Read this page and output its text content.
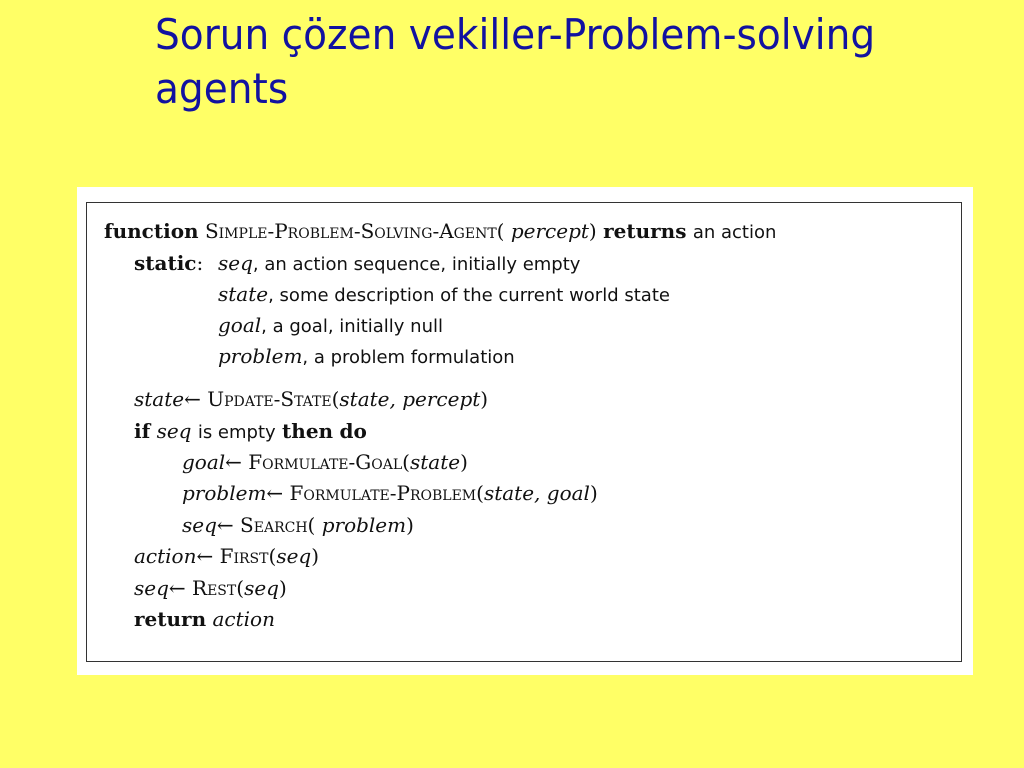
Sorun çözen vekiller-Problem-solving agents
function Simple-Problem-Solving-Agent( percept) returns an action
static: seq, an action sequence, initially empty
state, some description of the current world state
goal, a goal, initially null
problem, a problem formulation
state← Update-State(state, percept)
if seq is empty then do
goal← Formulate-Goal(state)
problem← Formulate-Problem(state, goal)
seq← Search( problem)
action← First(seq)
seq← Rest(seq)
return action
